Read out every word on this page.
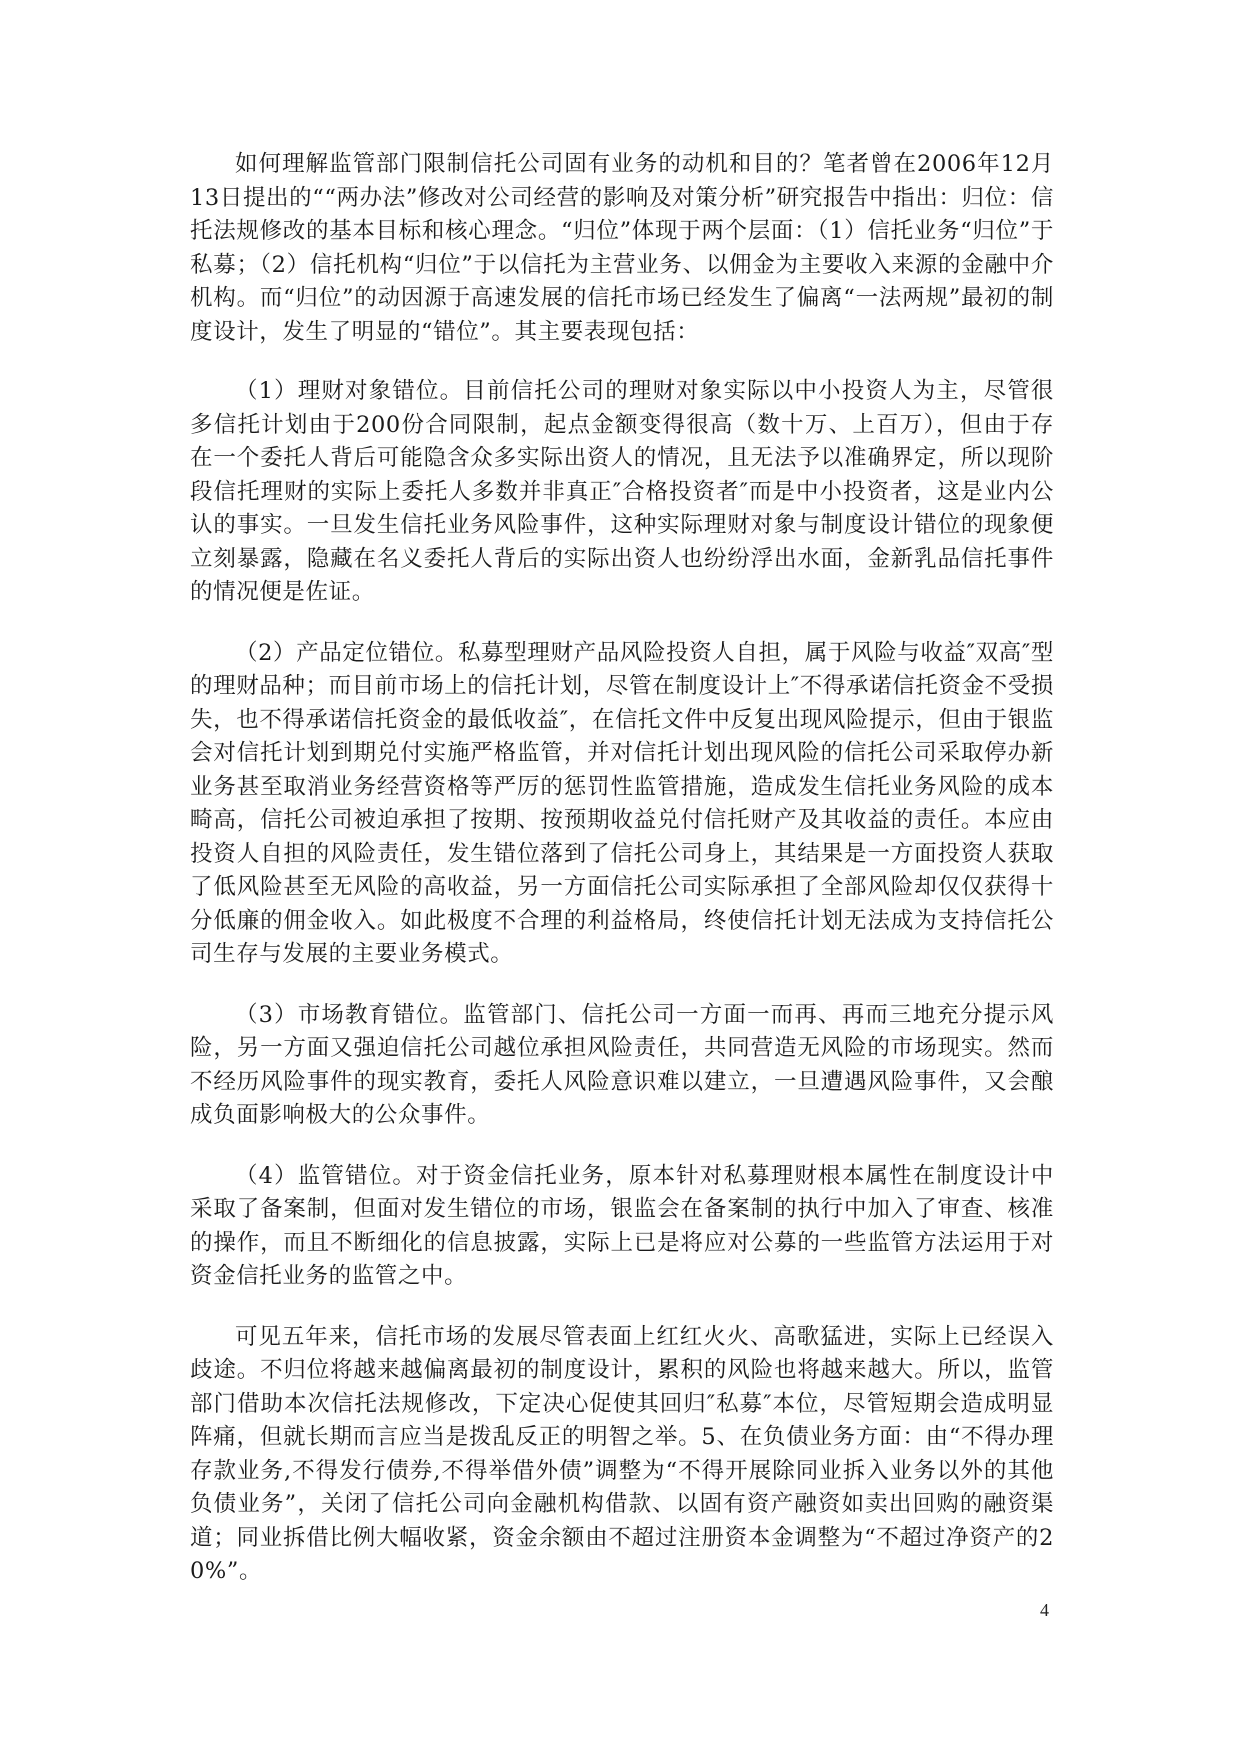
如何理解监管部门限制信托公司固有业务的动机和目的？笔者曾在2006年12月13日提出的““两办法”修改对公司经营的影响及对策分析”研究报告中指出：归位：信托法规修改的基本目标和核心理念。“归位”体现于两个层面：（1）信托业务“归位”于私募；（2）信托机构“归位”于以信托为主营业务、以佣金为主要收入来源的金融中介机构。而“归位”的动因源于高速发展的信托市场已经发生了偏离“一法两规”最初的制度设计，发生了明显的“错位”。其主要表现包括：

（1）理财对象错位。目前信托公司的理财对象实际以中小投资人为主，尽管很多信托计划由于200份合同限制，起点金额变得很高（数十万、上百万），但由于存在一个委托人背后可能隐含众多实际出资人的情况，且无法予以准确界定，所以现阶段信托理财的实际上委托人多数并非真正″合格投资者″而是中小投资者，这是业内公认的事实。一旦发生信托业务风险事件，这种实际理财对象与制度设计错位的现象便立刻暴露，隐藏在名义委托人背后的实际出资人也纷纷浮出水面，金新乳品信托事件的情况便是佐证。

（2）产品定位错位。私募型理财产品风险投资人自担，属于风险与收益″双高″型的理财品种；而目前市场上的信托计划，尽管在制度设计上″不得承诺信托资金不受损失，也不得承诺信托资金的最低收益″，在信托文件中反复出现风险提示，但由于银监会对信托计划到期兑付实施严格监管，并对信托计划出现风险的信托公司采取停办新业务甚至取消业务经营资格等严厉的惩罚性监管措施，造成发生信托业务风险的成本畸高，信托公司被迫承担了按期、按预期收益兑付信托财产及其收益的责任。本应由投资人自担的风险责任，发生错位落到了信托公司身上，其结果是一方面投资人获取了低风险甚至无风险的高收益，另一方面信托公司实际承担了全部风险却仅仅获得十分低廉的佣金收入。如此极度不合理的利益格局，终使信托计划无法成为支持信托公司生存与发展的主要业务模式。

（3）市场教育错位。监管部门、信托公司一方面一而再、再而三地充分提示风险，另一方面又强迫信托公司越位承担风险责任，共同营造无风险的市场现实。然而不经历风险事件的现实教育，委托人风险意识难以建立，一旦遭遇风险事件，又会酿成负面影响极大的公众事件。

（4）监管错位。对于资金信托业务，原本针对私募理财根本属性在制度设计中采取了备案制，但面对发生错位的市场，银监会在备案制的执行中加入了审查、核准的操作，而且不断细化的信息披露，实际上已是将应对公募的一些监管方法运用于对资金信托业务的监管之中。

可见五年来，信托市场的发展尽管表面上红红火火、高歌猛进，实际上已经误入歧途。不归位将越来越偏离最初的制度设计，累积的风险也将越来越大。所以，监管部门借助本次信托法规修改，下定决心促使其回归″私募″本位，尽管短期会造成明显阵痛，但就长期而言应当是拨乱反正的明智之举。5、在负债业务方面：由“不得办理存款业务,不得发行债券,不得举借外债”调整为“不得开展除同业拆入业务以外的其他负债业务”，关闭了信托公司向金融机构借款、以固有资产融资如卖出回购的融资渠道；同业拆借比例大幅收紧，资金余额由不超过注册资本金调整为“不超过净资产的20%”。

4
